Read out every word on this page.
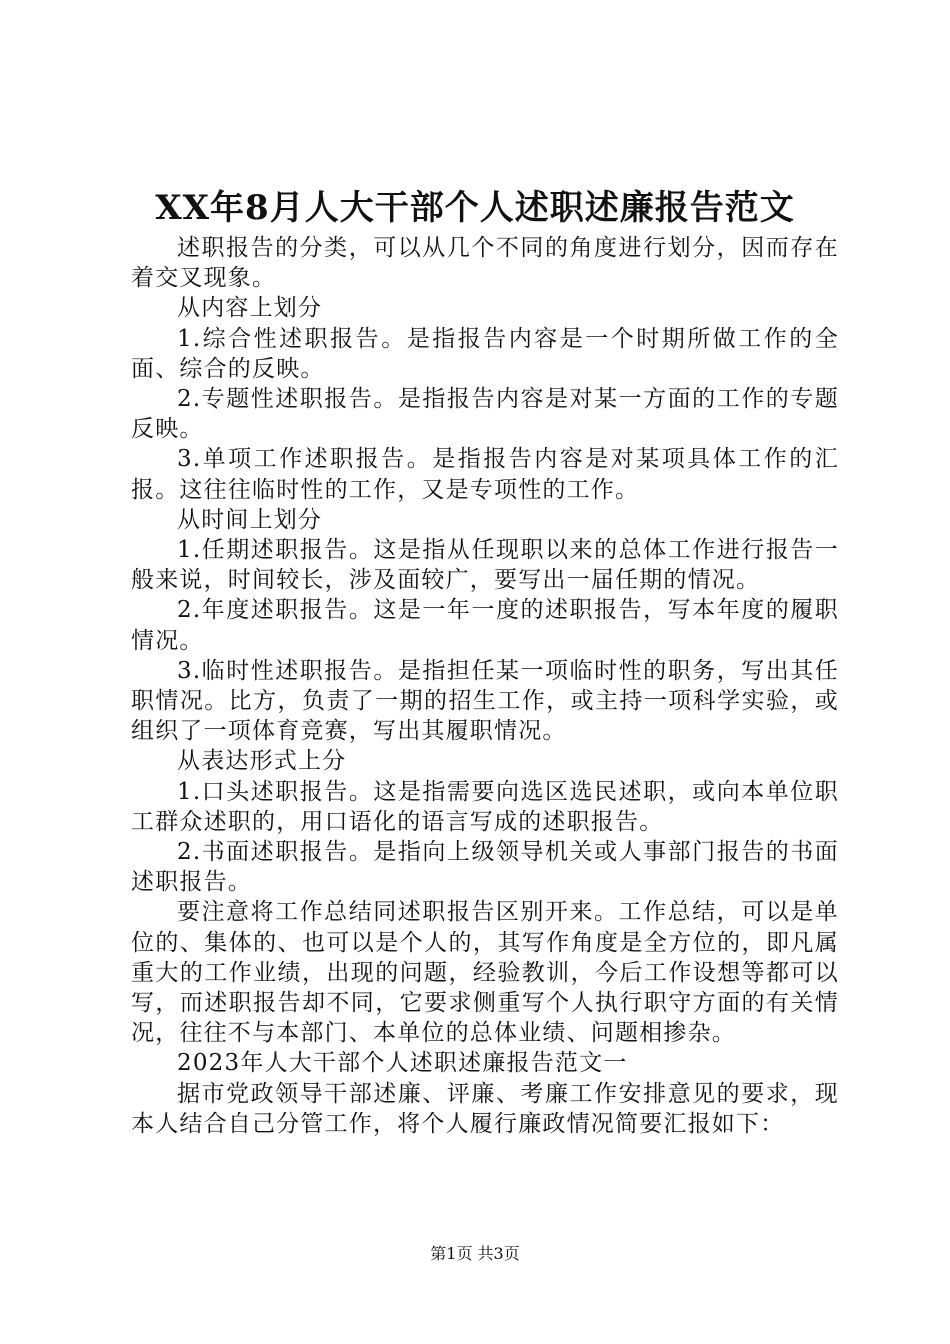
XX年8月人大干部个人述职述廉报告范文

述职报告的分类，可以从几个不同的角度进行划分，因而存在着交叉现象。

从内容上划分

1.综合性述职报告。是指报告内容是一个时期所做工作的全面、综合的反映。

2.专题性述职报告。是指报告内容是对某一方面的工作的专题反映。

3.单项工作述职报告。是指报告内容是对某项具体工作的汇报。这往往临时性的工作，又是专项性的工作。

从时间上划分

1.任期述职报告。这是指从任现职以来的总体工作进行报告一般来说，时间较长，涉及面较广，要写出一届任期的情况。

2.年度述职报告。这是一年一度的述职报告，写本年度的履职情况。

3.临时性述职报告。是指担任某一项临时性的职务，写出其任职情况。比方，负责了一期的招生工作，或主持一项科学实验，或组织了一项体育竞赛，写出其履职情况。

从表达形式上分

1.口头述职报告。这是指需要向选区选民述职，或向本单位职工群众述职的，用口语化的语言写成的述职报告。

2.书面述职报告。是指向上级领导机关或人事部门报告的书面述职报告。

要注意将工作总结同述职报告区别开来。工作总结，可以是单位的、集体的、也可以是个人的，其写作角度是全方位的，即凡属重大的工作业绩，出现的问题，经验教训，今后工作设想等都可以写，而述职报告却不同，它要求侧重写个人执行职守方面的有关情况，往往不与本部门、本单位的总体业绩、问题相掺杂。

2023年人大干部个人述职述廉报告范文一

据市党政领导干部述廉、评廉、考廉工作安排意见的要求，现本人结合自己分管工作，将个人履行廉政情况简要汇报如下：

第1页 共3页
